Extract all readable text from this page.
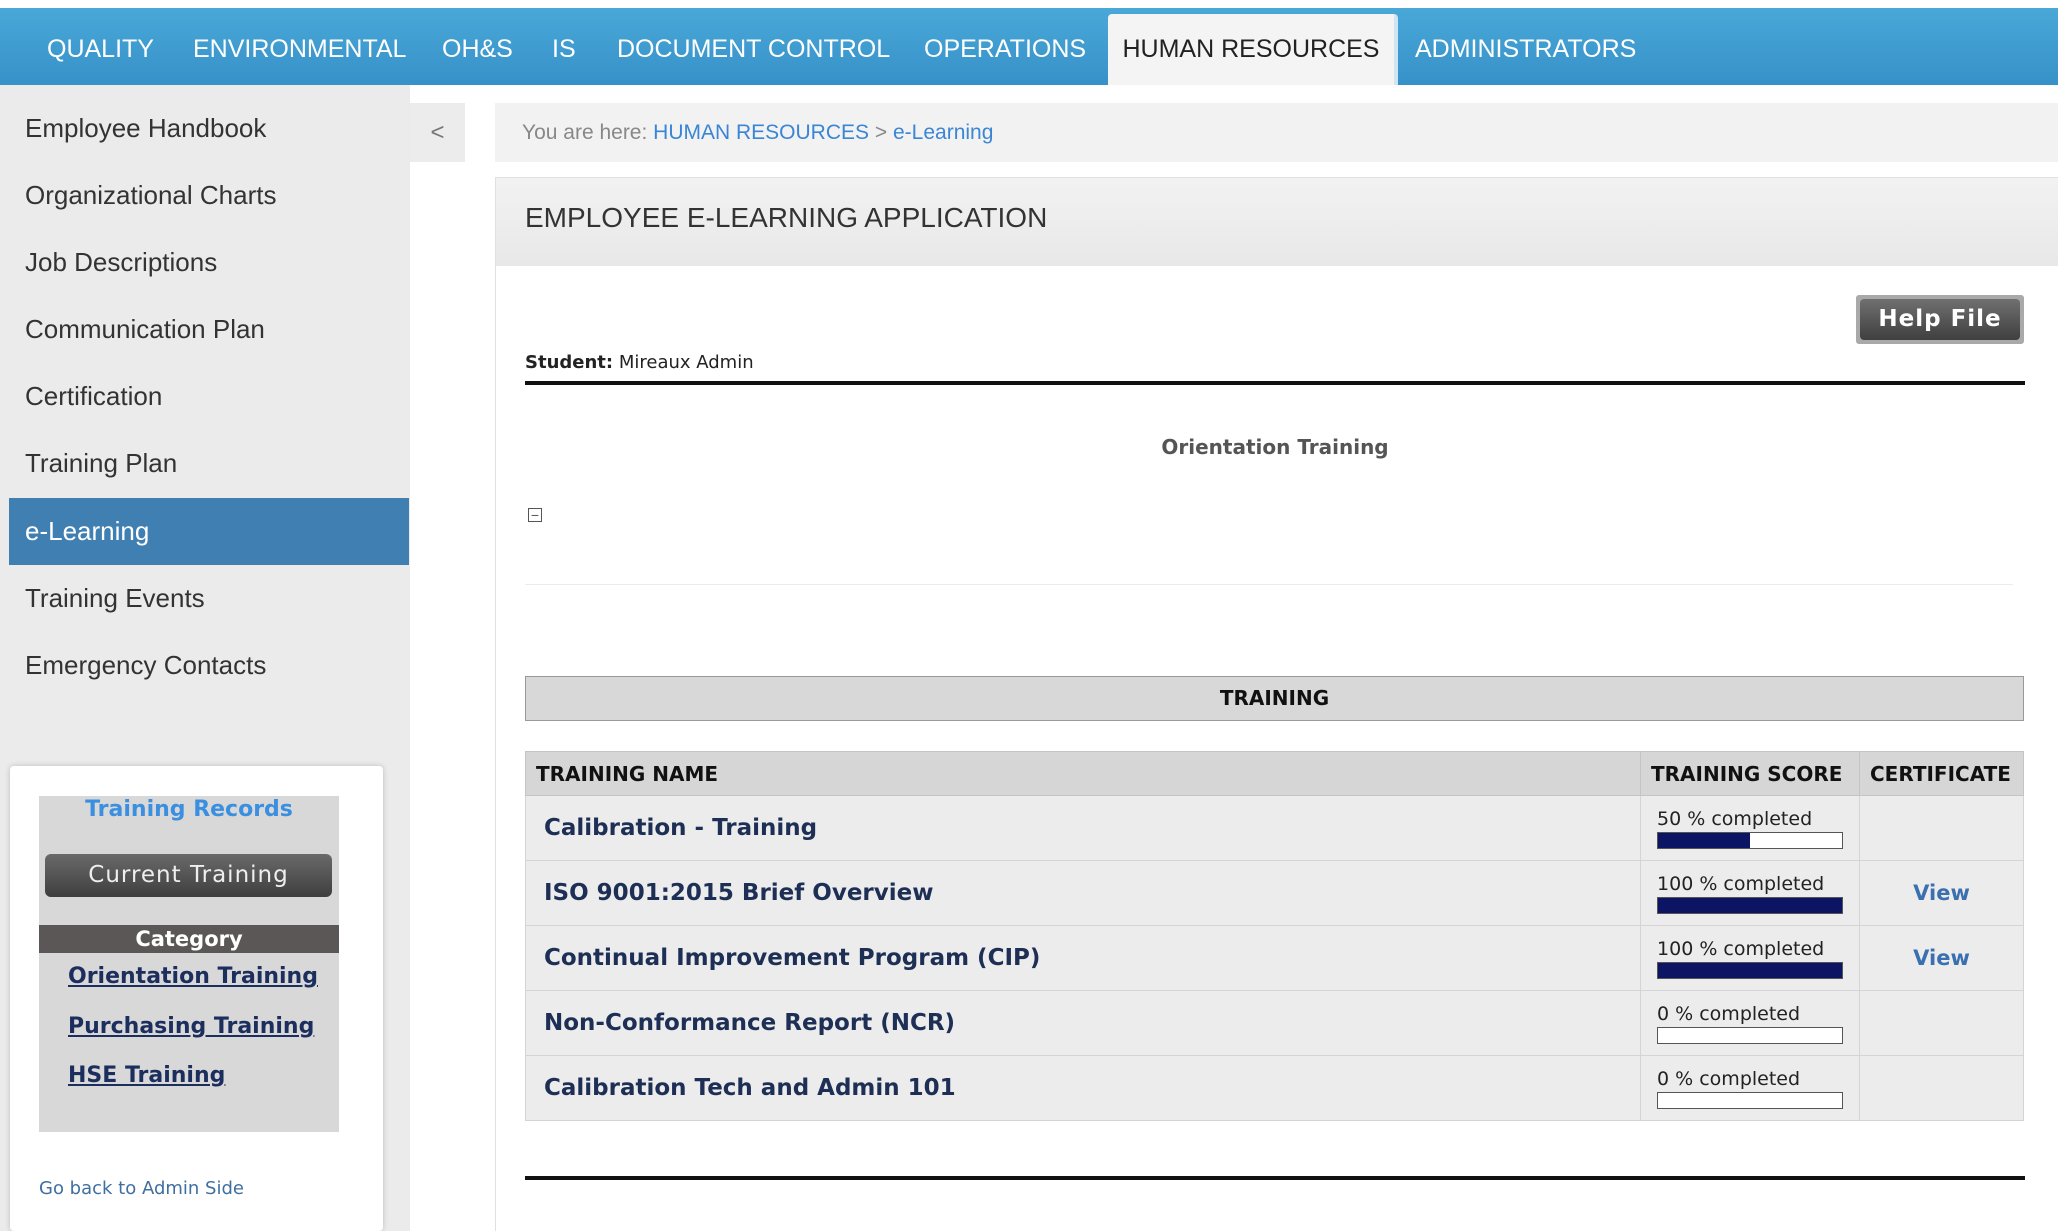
QUALITY	ENVIRONMENTAL	OH&S	IS	DOCUMENT CONTROL	OPERATIONS	HUMAN RESOURCES	ADMINISTRATORS
Employee Handbook
Organizational Charts
Job Descriptions
Communication Plan
Certification
Training Plan
e-Learning
Training Events
Emergency Contacts
<
Training Records
Current Training
Category
Orientation Training
Purchasing Training
HSE Training
Go back to Admin Side
You are here: HUMAN RESOURCES > e-Learning
EMPLOYEE E-LEARNING APPLICATION
Help File
Student: Mireaux Admin
Orientation Training
−
TRAINING
TRAINING NAME	TRAINING SCORE	CERTIFICATE
Calibration - Training	50 % completed	

ISO 9001:2015 Brief Overview	100 % completed	View
Continual Improvement Program (CIP)	100 % completed	View
Non-Conformance Report (NCR)	0 % completed	

Calibration Tech and Admin 101	0 % completed	
